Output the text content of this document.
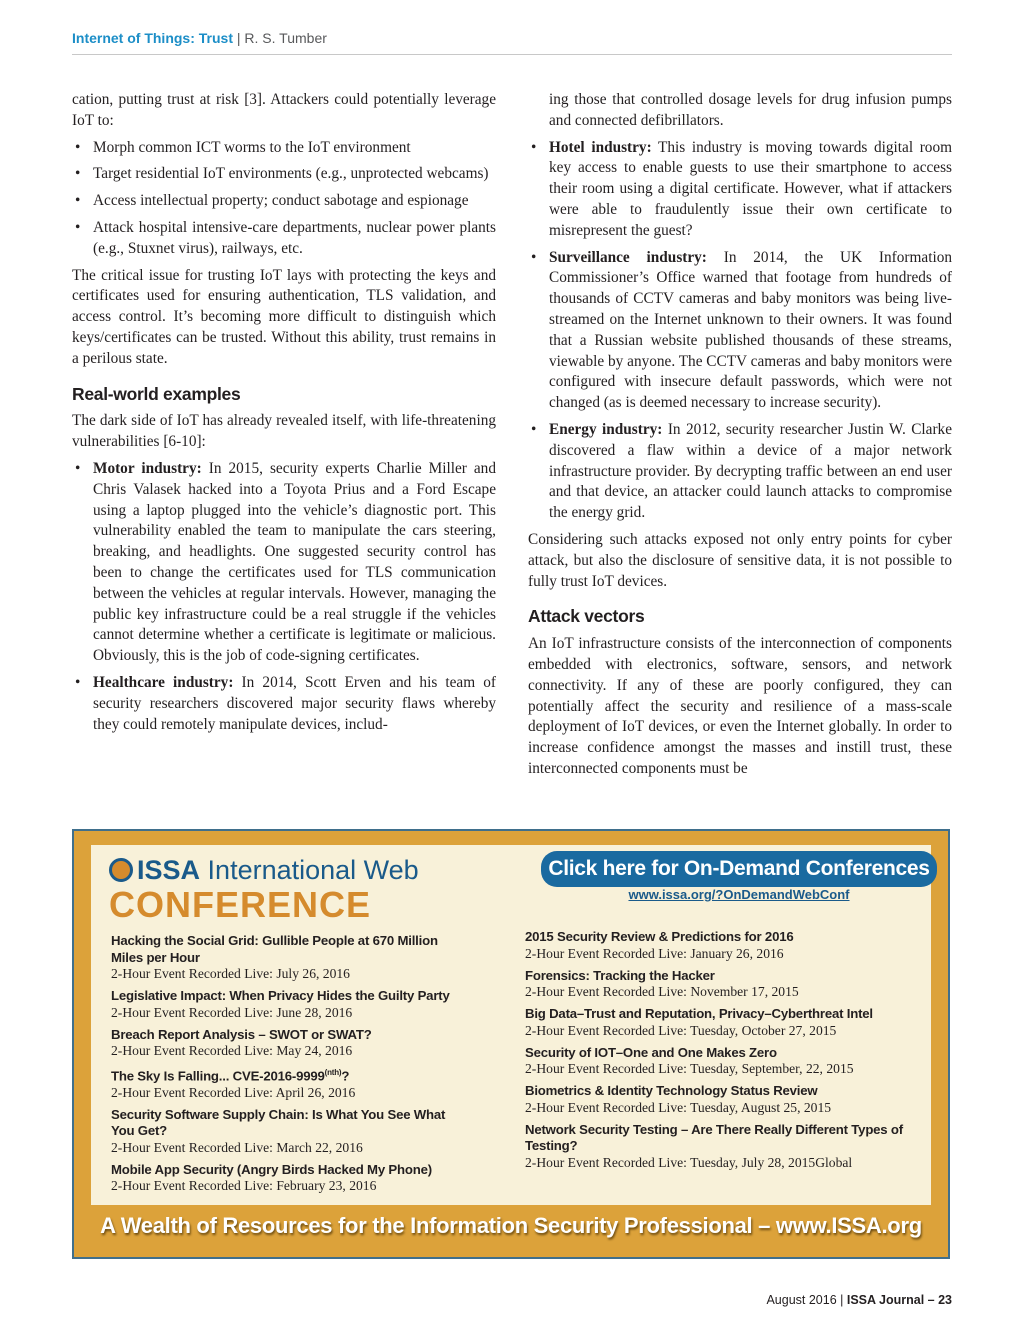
Internet of Things: Trust | R. S. Tumber

cation, putting trust at risk [3]. Attackers could potentially leverage IoT to:

• Morph common ICT worms to the IoT environment
• Target residential IoT environments (e.g., unprotected webcams)
• Access intellectual property; conduct sabotage and espionage
• Attack hospital intensive-care departments, nuclear power plants (e.g., Stuxnet virus), railways, etc.

The critical issue for trusting IoT lays with protecting the keys and certificates used for ensuring authentication, TLS validation, and access control. It’s becoming more difficult to distinguish which keys/certificates can be trusted. Without this ability, trust remains in a perilous state.

Real-world examples

The dark side of IoT has already revealed itself, with life-threatening vulnerabilities [6-10]:

• Motor industry: In 2015, security experts Charlie Miller and Chris Valasek hacked into a Toyota Prius and a Ford Escape using a laptop plugged into the vehicle’s diagnostic port. This vulnerability enabled the team to manipulate the cars steering, breaking, and headlights. One suggested security control has been to change the certificates used for TLS communication between the vehicles at regular intervals. However, managing the public key infrastructure could be a real struggle if the vehicles cannot determine whether a certificate is legitimate or malicious. Obviously, this is the job of code-signing certificates.
• Healthcare industry: In 2014, Scott Erven and his team of security researchers discovered major security flaws whereby they could remotely manipulate devices, includ-

ing those that controlled dosage levels for drug infusion pumps and connected defibrillators.

• Hotel industry: This industry is moving towards digital room key access to enable guests to use their smartphone to access their room using a digital certificate. However, what if attackers were able to fraudulently issue their own certificate to misrepresent the guest?
• Surveillance industry: In 2014, the UK Information Commissioner’s Office warned that footage from hundreds of thousands of CCTV cameras and baby monitors was being live-streamed on the Internet unknown to their owners. It was found that a Russian website published thousands of these streams, viewable by anyone. The CCTV cameras and baby monitors were configured with insecure default passwords, which were not changed (as is deemed necessary to increase security).
• Energy industry: In 2012, security researcher Justin W. Clarke discovered a flaw within a device of a major network infrastructure provider. By decrypting traffic between an end user and that device, an attacker could launch attacks to compromise the energy grid.

Considering such attacks exposed not only entry points for cyber attack, but also the disclosure of sensitive data, it is not possible to fully trust IoT devices.

Attack vectors

An IoT infrastructure consists of the interconnection of components embedded with electronics, software, sensors, and network connectivity. If any of these are poorly configured, they can potentially affect the security and resilience of a mass-scale deployment of IoT devices, or even the Internet globally. In order to increase confidence amongst the masses and instill trust, these interconnected components must be

ISSA International Web
CONFERENCE
Click here for On-Demand Conferences
www.issa.org/?OnDemandWebConf
Hacking the Social Grid: Gullible People at 670 Million Miles per Hour
2-Hour Event Recorded Live: July 26, 2016
Legislative Impact: When Privacy Hides the Guilty Party
2-Hour Event Recorded Live: June 28, 2016
Breach Report Analysis – SWOT or SWAT?
2-Hour Event Recorded Live: May 24, 2016
The Sky Is Falling... CVE-$2016-9999^{(nth)}$?
2-Hour Event Recorded Live: April 26, 2016
Security Software Supply Chain: Is What You See What You Get?
2-Hour Event Recorded Live: March 22, 2016
Mobile App Security (Angry Birds Hacked My Phone)
2-Hour Event Recorded Live: February 23, 2016
2015 Security Review & Predictions for 2016
2-Hour Event Recorded Live: January 26, 2016
Forensics: Tracking the Hacker
2-Hour Event Recorded Live: November 17, 2015
Big Data–Trust and Reputation, Privacy–Cyberthreat Intel
2-Hour Event Recorded Live: Tuesday, October 27, 2015
Security of IOT–One and One Makes Zero
2-Hour Event Recorded Live: Tuesday, September, 22, 2015
Biometrics & Identity Technology Status Review
2-Hour Event Recorded Live: Tuesday, August 25, 2015
Network Security Testing – Are There Really Different Types of Testing?
2-Hour Event Recorded Live: Tuesday, July 28, 2015Global
A Wealth of Resources for the Information Security Professional – www.ISSA.org
August 2016 | ISSA Journal – 23
